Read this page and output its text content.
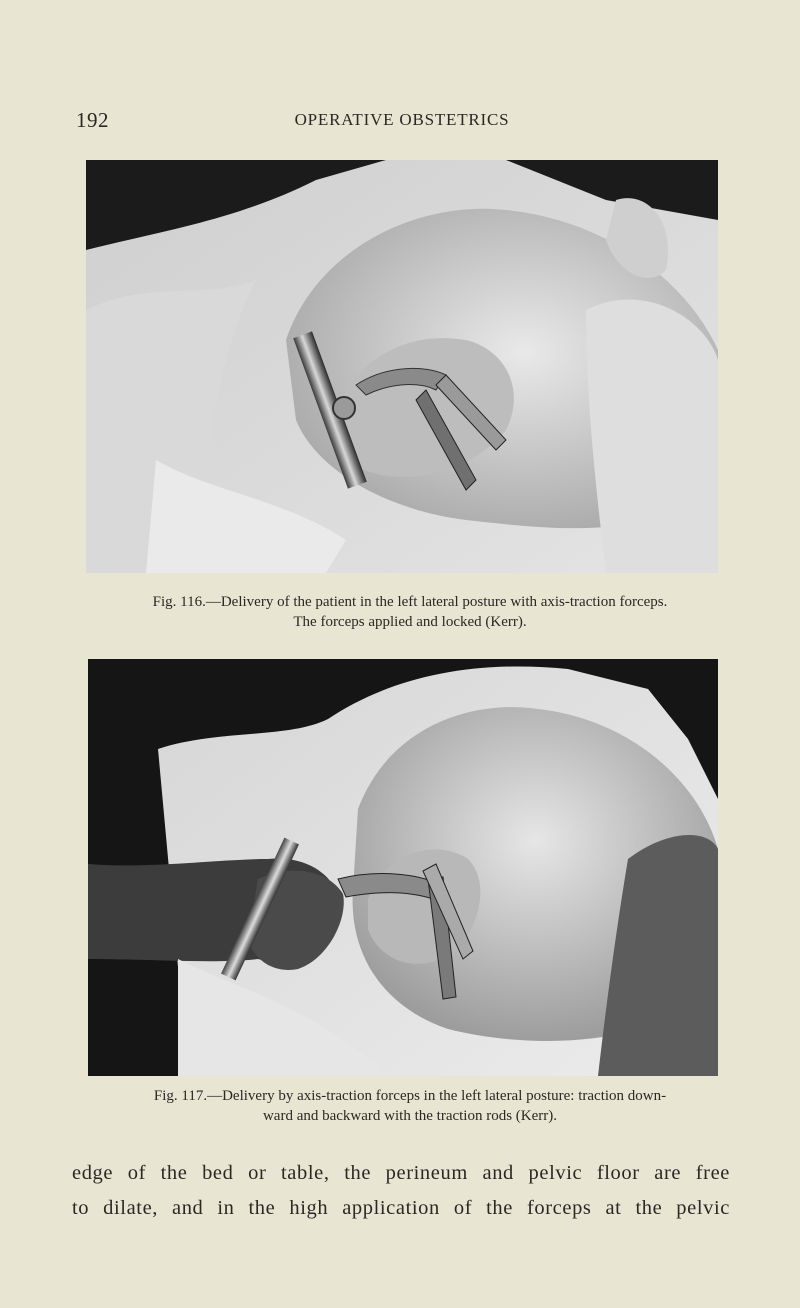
192	OPERATIVE OBSTETRICS
Fig. 116.—Delivery of the patient in the left lateral posture with axis-traction forceps.
The forceps applied and locked (Kerr).
Fig. 117.—Delivery by axis-traction forceps in the left lateral posture: traction down-
ward and backward with the traction rods (Kerr).
edge of the bed or table, the perineum and pelvic floor are free
to dilate, and in the high application of the forceps at the pelvic
